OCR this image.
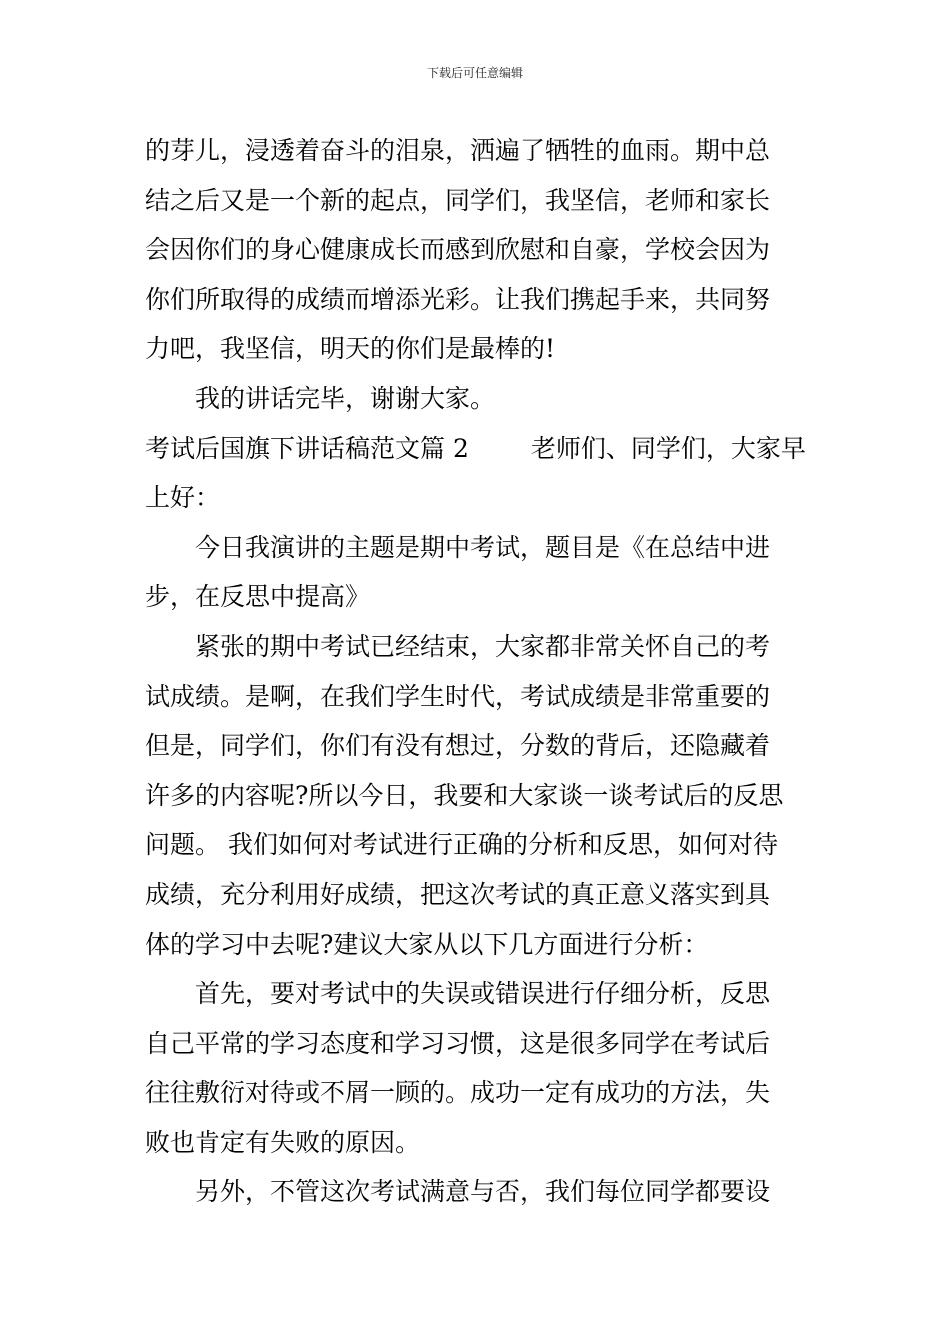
下载后可任意编辑
的芽儿，浸透着奋斗的泪泉，洒遍了牺牲的血雨。期中总
结之后又是一个新的起点，同学们，我坚信，老师和家长
会因你们的身心健康成长而感到欣慰和自豪，学校会因为
你们所取得的成绩而增添光彩。让我们携起手来，共同努
力吧，我坚信，明天的你们是最棒的!
我的讲话完毕，谢谢大家。
考试后国旗下讲话稿范文篇 2 老师们、同学们，大家早
上好：
今日我演讲的主题是期中考试，题目是《在总结中进
步，在反思中提高》
紧张的期中考试已经结束，大家都非常关怀自己的考
试成绩。是啊，在我们学生时代，考试成绩是非常重要的
但是，同学们，你们有没有想过，分数的背后，还隐藏着
许多的内容呢?所以今日，我要和大家谈一谈考试后的反思
问题。 我们如何对考试进行正确的分析和反思，如何对待
成绩，充分利用好成绩，把这次考试的真正意义落实到具
体的学习中去呢?建议大家从以下几方面进行分析：
首先，要对考试中的失误或错误进行仔细分析，反思
自己平常的学习态度和学习习惯，这是很多同学在考试后
往往敷衍对待或不屑一顾的。成功一定有成功的方法，失
败也肯定有失败的原因。
另外，不管这次考试满意与否，我们每位同学都要设
